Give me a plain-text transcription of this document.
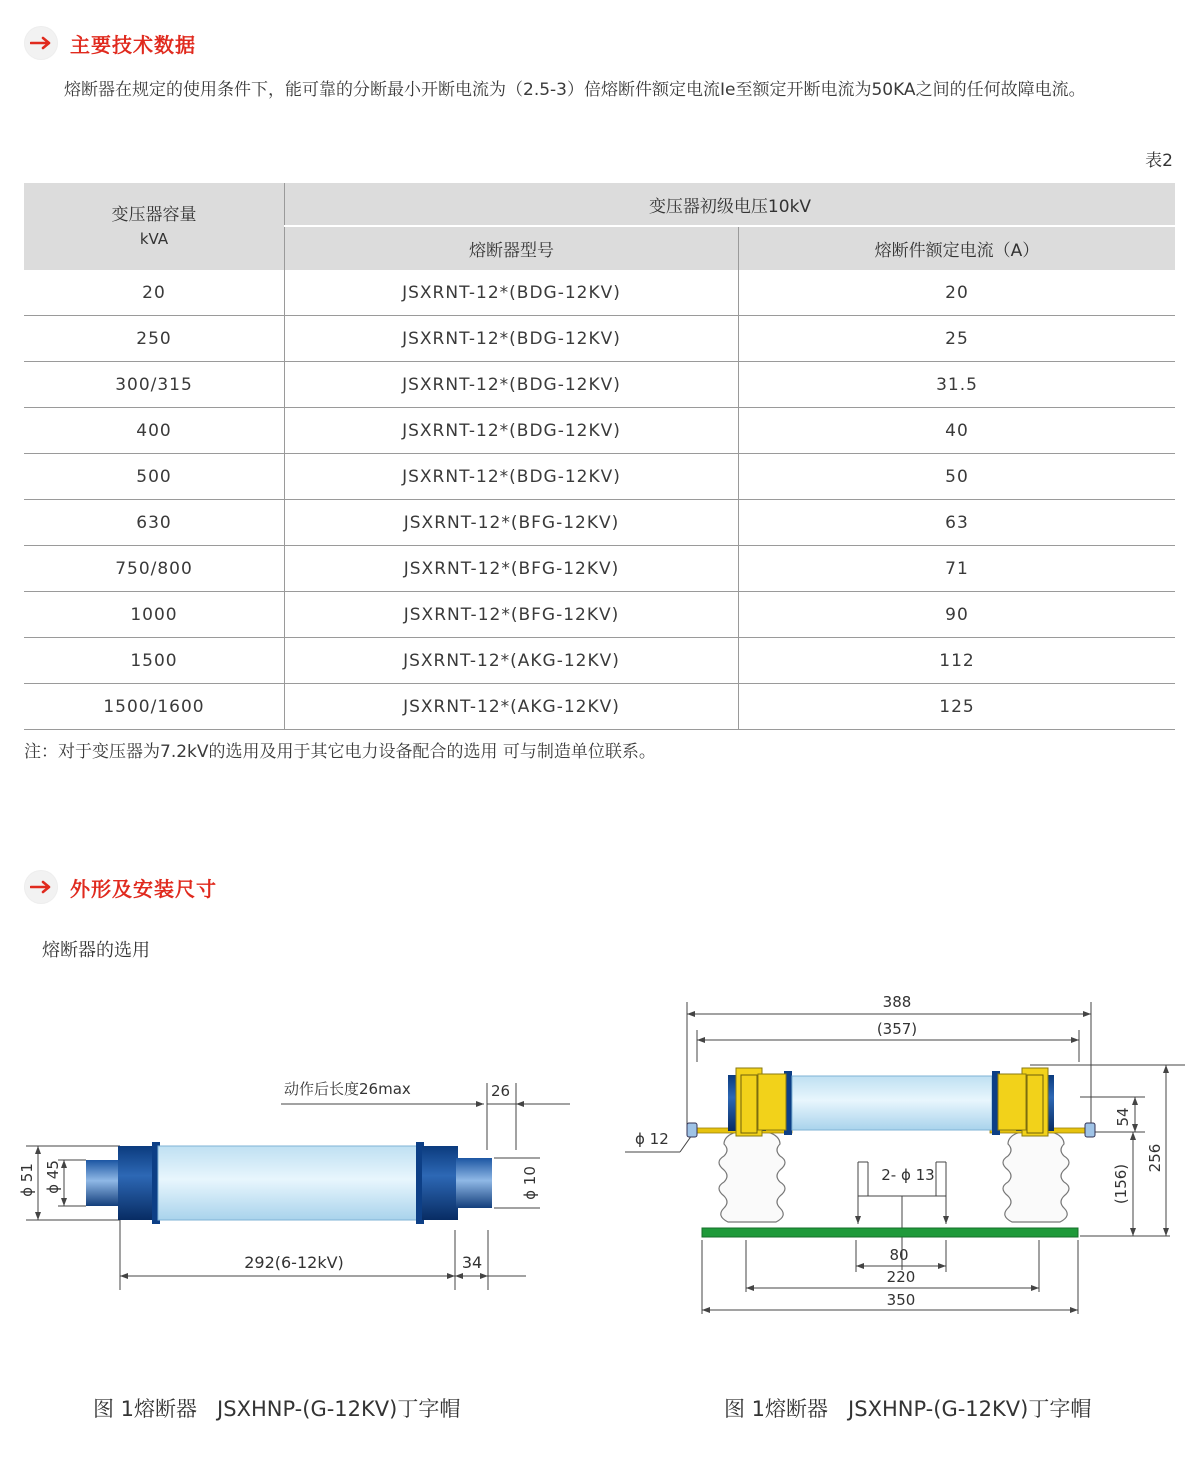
主要技术数据
熔断器在规定的使用条件下，能可靠的分断最小开断电流为（2.5-3）倍熔断件额定电流Ie至额定开断电流为50KA之间的任何故障电流。
表2
变压器容量
kVA	变压器初级电压10kV	
	熔断器型号	熔断件额定电流（A）
20	JSXRNT-12*(BDG-12KV)	20
250	JSXRNT-12*(BDG-12KV)	25
300/315	JSXRNT-12*(BDG-12KV)	31.5
400	JSXRNT-12*(BDG-12KV)	40
500	JSXRNT-12*(BDG-12KV)	50
630	JSXRNT-12*(BFG-12KV)	63
750/800	JSXRNT-12*(BFG-12KV)	71
1000	JSXRNT-12*(BFG-12KV)	90
1500	JSXRNT-12*(AKG-12KV)	112
1500/1600	JSXRNT-12*(AKG-12KV)	125
注：对于变压器为7.2kV的选用及用于其它电力设备配合的选用 可与制造单位联系。
外形及安装尺寸
熔断器的选用
动作后长度26max	26
ϕ 10
ϕ 51 ϕ 45
292(6-12kV)	34
388
(357)
ϕ 12
2- ϕ 13
54
(156)
256
80
220
350
图 1熔断器   JSXHNP-(G-12KV)丁字帽	图 1熔断器   JSXHNP-(G-12KV)丁字帽
